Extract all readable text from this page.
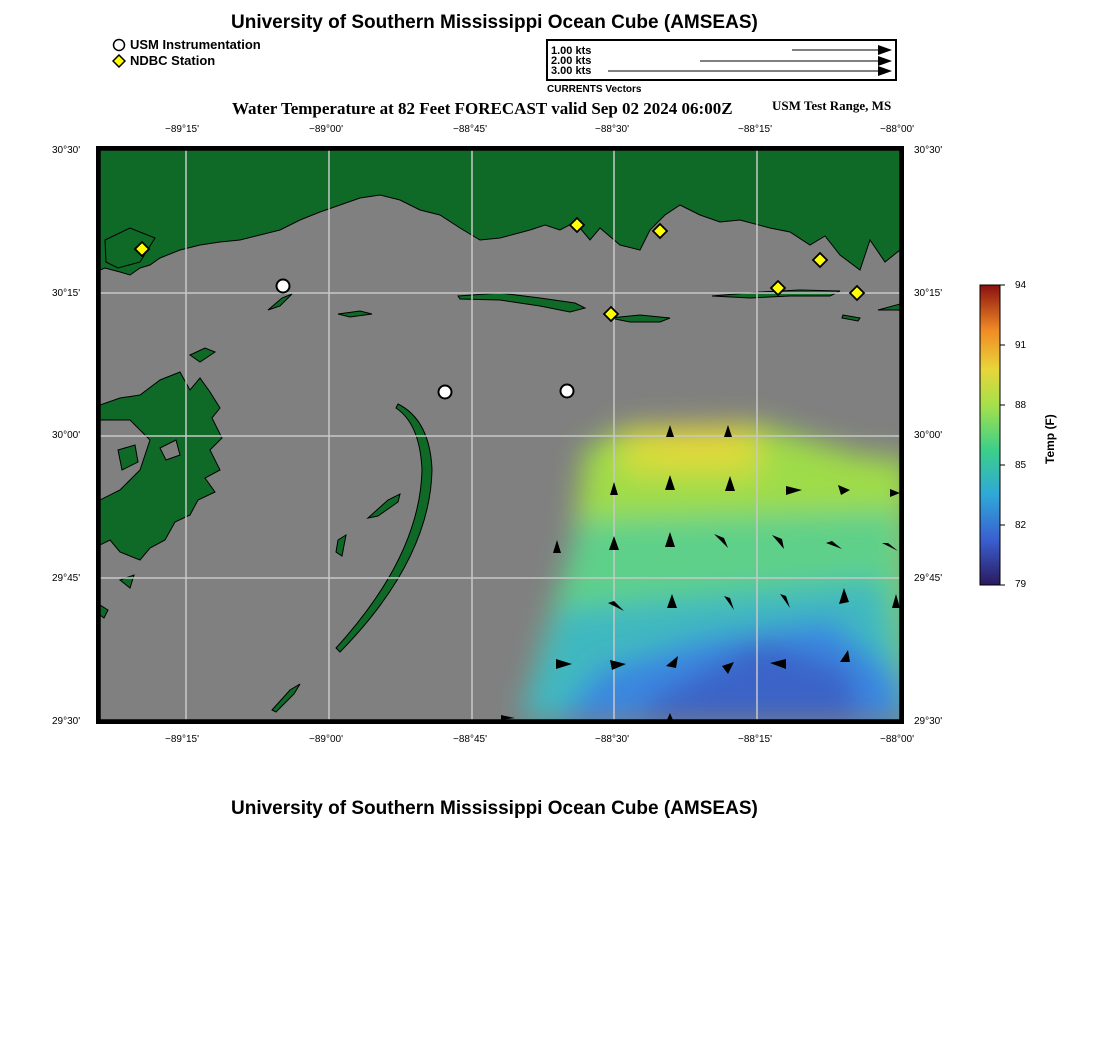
University of Southern Mississippi Ocean Cube (AMSEAS)
USM Instrumentation
NDBC Station
1.00 kts
2.00 kts
3.00 kts
CURRENTS Vectors
Water Temperature at 82 Feet FORECAST valid Sep 02 2024 06:00Z	USM Test Range, MS
−89°15'	−89°00'	−88°45'	−88°30'	−88°15'	−88°00'
−89°15'	−89°00'	−88°45'	−88°30'	−88°15'	−88°00'
30°30'
30°15'
30°00'
29°45'
29°30'
30°30'
30°15'
30°00'
29°45'
29°30'
94
91
88
85
82
79
Temp (F)
University of Southern Mississippi Ocean Cube (AMSEAS)
